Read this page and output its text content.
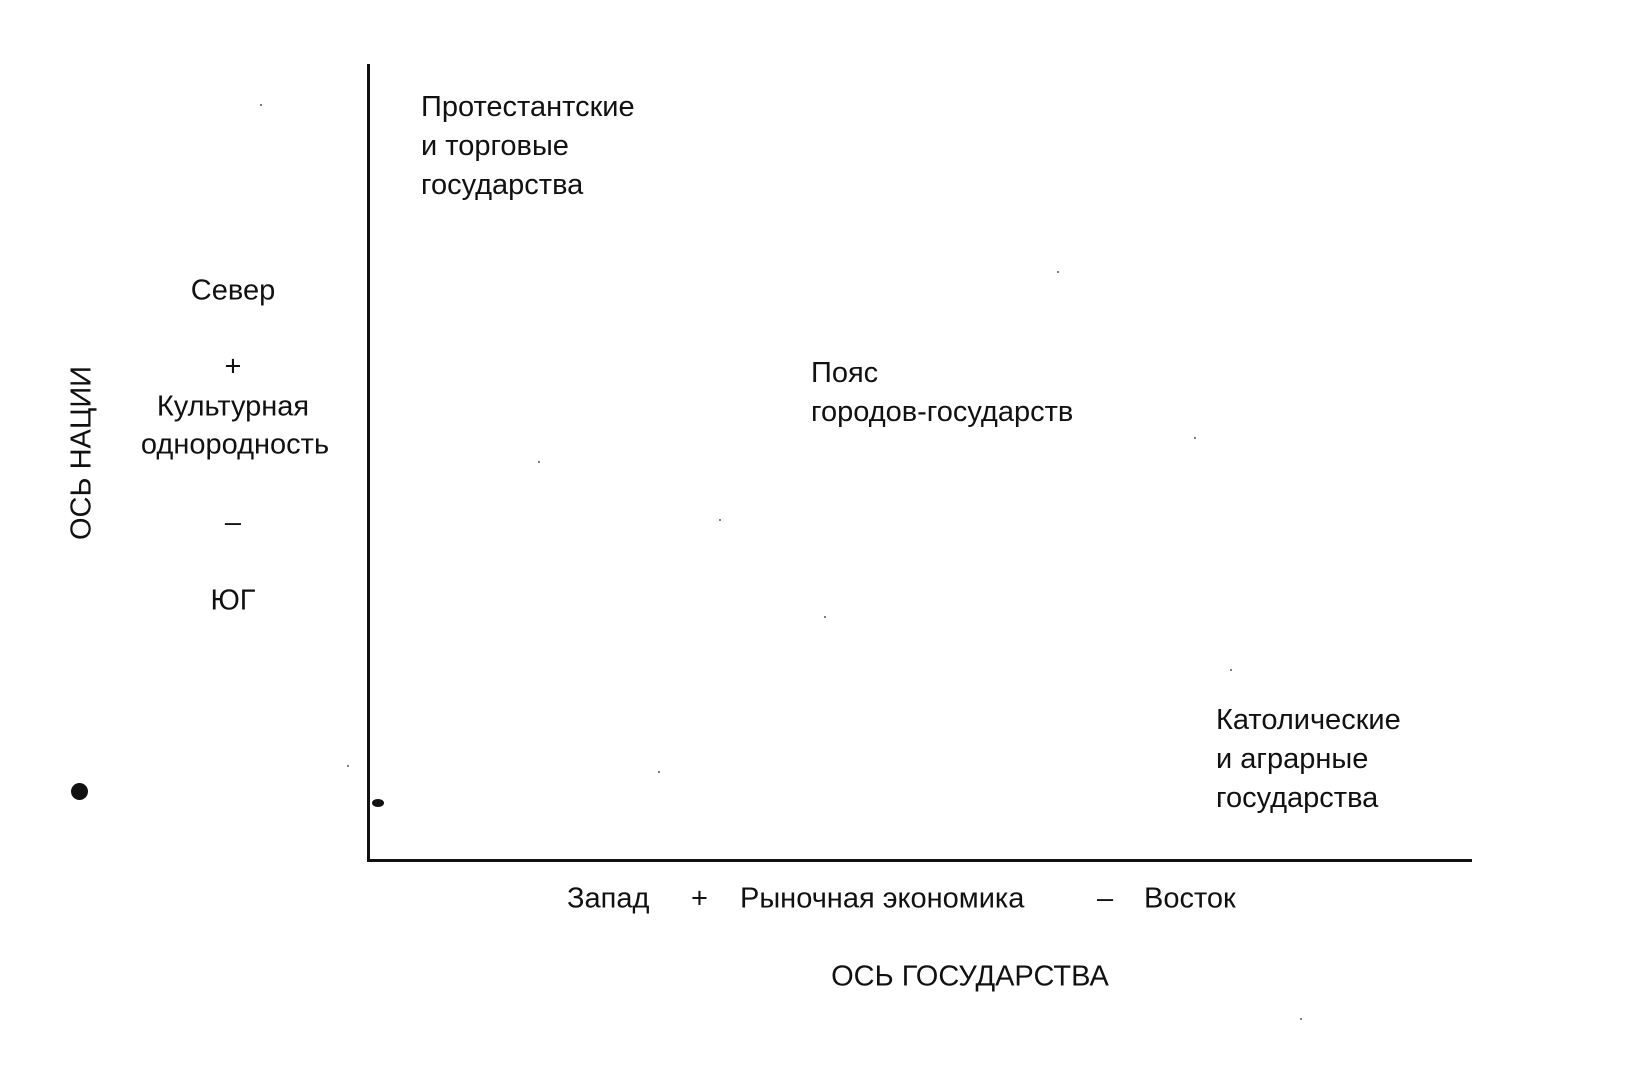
ОСЬ НАЦИИ
Север
+
Культурная
однородность
–
ЮГ
Протестантские
и торговые
государства
Пояс
городов-государств
Католические
и аграрные
государства
Запад + Рыночная экономика	– Восток
ОСЬ ГОСУДАРСТВА
